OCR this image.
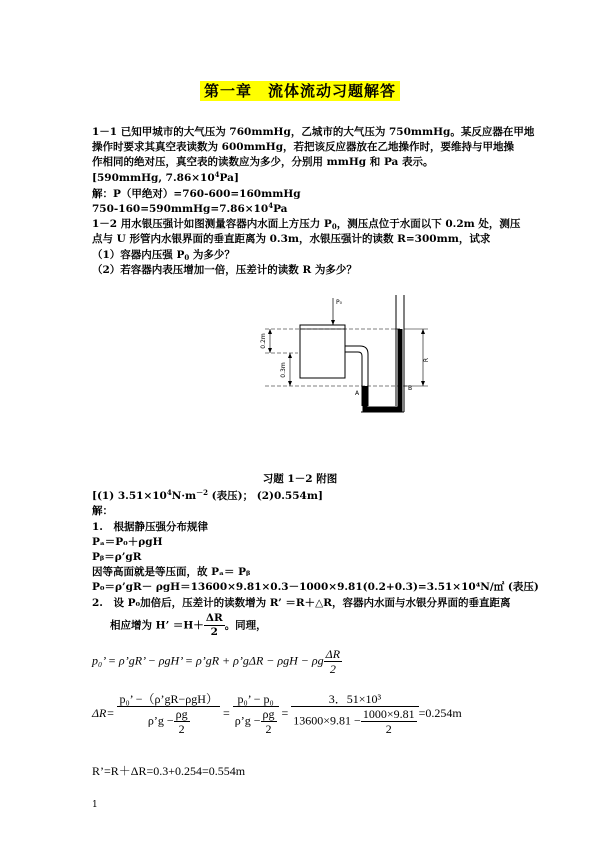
第一章　流体流动习题解答
1－1 已知甲城市的大气压为 760mmHg，乙城市的大气压为 750mmHg。某反应器在甲地
操作时要求其真空表读数为 600mmHg，若把该反应器放在乙地操作时，要维持与甲地操
作相同的绝对压，真空表的读数应为多少，分别用 mmHg 和 Pa 表示。
[590mmHg, $7.86\times 10^4Pa$]
解：P（甲绝对）=760-600=160mmHg
$750-160=590mmHg=7.86\times 10^4Pa$
1－2 用水银压强计如图测量容器内水面上方压力 $P_0$，测压点位于水面以下 0.2m 处，测压
点与 U 形管内水银界面的垂直距离为 0.3m，水银压强计的读数 R=300mm，试求
（1）容器内压强 $P_0$ 为多少？
（2）若容器内表压增加一倍，压差计的读数 R 为多少？
0.2m
0.3m
P₀
R
A
B
习题 1－2 附图
[(1) $3.51\times 10^4N\cdot m^{-2}$ (表压)； (2)0.554m]
解：
1.　根据静压强分布规律
Pₐ＝P₀＋ρgH
Pᵦ＝ρ’gR
因等高面就是等压面，故 Pₐ＝ Pᵦ
P₀＝ρ’gR－ ρgH＝13600×9.81×0.3－1000×9.81(0.2+0.3)=3.51×10⁴N/㎡ (表压)
2.　设 P₀加倍后，压差计的读数增为 R’ ＝R＋△R，容器内水面与水银分界面的垂直距离
相应增为 H’ $=H+ \frac{\Delta R}{2}$ 。同理，
p₀’ = ρ’gR’ − ρgH’ = ρ’gR + ρ’gΔR − ρgH − ρg $\frac{\Delta R}{2}$
$\Delta R= \frac{\text{p₀’ −（ρ’gR−ρgH）}}{\rho’g - \frac{\rho g}{2}} = \frac{\text{p₀’ − p₀}}{\rho’g - \frac{\rho g}{2}} = \frac{\text{3．51×10³}}{13600\times 9.81 - \frac{1000\times 9.81}{2}} =0.254m$
R’=R＋ΔR=0.3+0.254=0.554m
1
